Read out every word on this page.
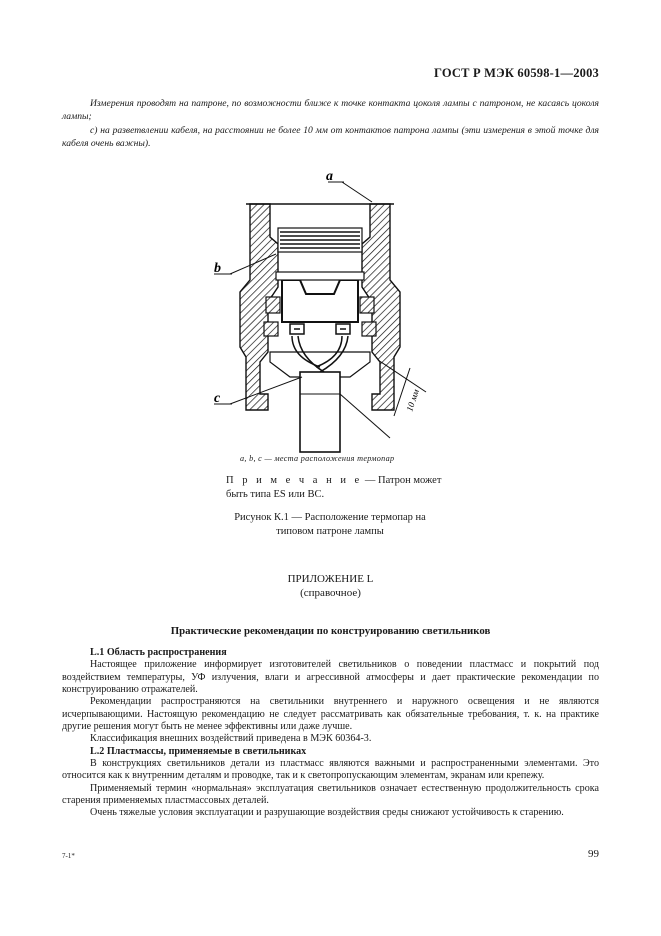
ГОСТ Р МЭК 60598-1—2003

Измерения проводят на патроне, по возможности ближе к точке контакта цоколя лампы с патроном, не касаясь цоколя лампы;

с) на разветвлении кабеля, на расстоянии не более 10 мм от контактов патрона лампы (эти измерения в этой точке для кабеля очень важны).

a
b
c	10 мм
a, b, c — места расположения термопар
П р и м е ч а н и е — Патрон может быть типа ES или BC.
Рисунок К.1 — Расположение термопар на
типовом патроне лампы
ПРИЛОЖЕНИЕ L
(справочное)
Практические рекомендации по конструированию светильников
L.1 Область распространения

Настоящее приложение информирует изготовителей светильников о поведении пластмасс и покрытий под воздействием температуры, УФ излучения, влаги и агрессивной атмосферы и дает практические рекомендации по конструированию отражателей.

Рекомендации распространяются на светильники внутреннего и наружного освещения и не являются исчерпывающими. Настоящую рекомендацию не следует рассматривать как обязательные требования, т. к. на практике другие решения могут быть не менее эффективны или даже лучше.

Классификация внешних воздействий приведена в МЭК 60364-3.

L.2 Пластмассы, применяемые в светильниках

В конструкциях светильников детали из пластмасс являются важными и распространенными элементами. Это относится как к внутренним деталям и проводке, так и к светопропускающим элементам, экранам или крепежу.

Применяемый термин «нормальная» эксплуатация светильников означает естественную продолжительность срока старения применяемых пластмассовых деталей.

Очень тяжелые условия эксплуатации и разрушающие воздействия среды снижают устойчивость к старению.

7-1*	99
